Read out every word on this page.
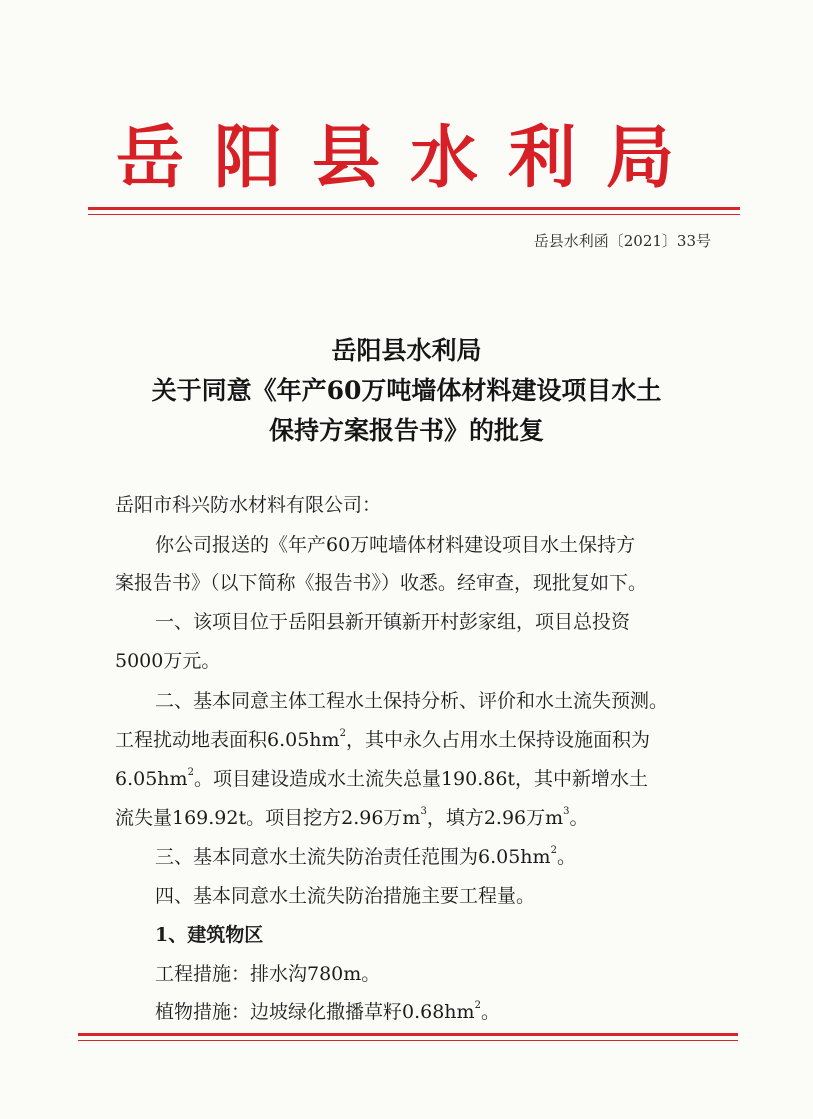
岳阳县水利局
岳县水利函〔2021〕33号
岳阳县水利局
关于同意《年产60万吨墙体材料建设项目水土
保持方案报告书》的批复
岳阳市科兴防水材料有限公司：
你公司报送的《年产60万吨墙体材料建设项目水土保持方
案报告书》（以下简称《报告书》）收悉。经审查，现批复如下。
一、该项目位于岳阳县新开镇新开村彭家组，项目总投资
5000万元。
二、基本同意主体工程水土保持分析、评价和水土流失预测。
工程扰动地表面积$6.05hm^2$，其中永久占用水土保持设施面积为
$6.05hm^2$。项目建设造成水土流失总量190.86t，其中新增水土
流失量169.92t。项目挖方2.96万$m^3$，填方2.96万$m^3$。
三、基本同意水土流失防治责任范围为$6.05hm^2$。
四、基本同意水土流失防治措施主要工程量。
1、建筑物区
工程措施：排水沟780m。
植物措施：边坡绿化撒播草籽$0.68hm^2$。
